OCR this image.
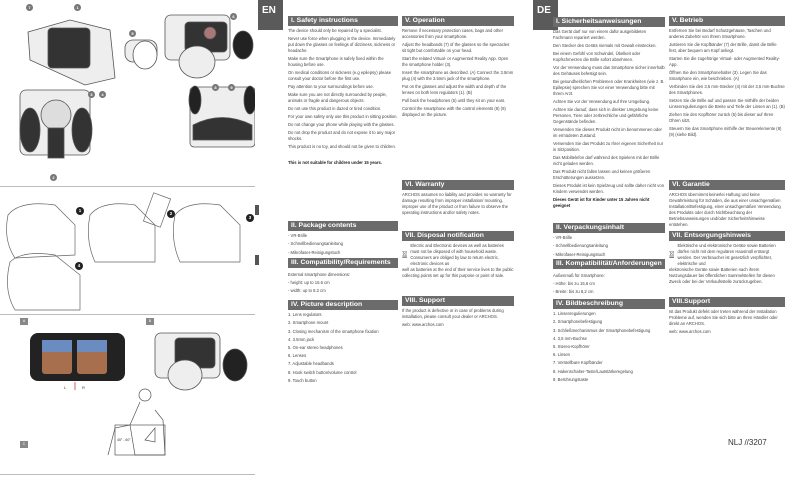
7	1
5
6
3	4
8	9
2
1
2
3
4
A	B
C
L	R
45° - 60°
EN
I. Safety instructions
The device should only be repaired by a specialist.
Never use force when plugging in the device. Immediately put down the glasses on feelings of dizziness, sickness or headache.
Make sure the Smartphone is safely fixed within the housing before use.
On medical conditions or sickness (e.g epilepsy) please consult your doctor before the first use.
Pay attention to your surroundings before use.
Make sure you are not directly surrounded by people, animals or fragile and dangerous objects.
Do not use this product in dazed or tired condition.
For your own safety only use this product in sitting position.
Do not change your phone while playing with the glasses.
Do not drop the product and do not expose it to any major shocks.
This product is no toy, and should not be given to children.
This is not suitable for children under 15 years.
II. Package contents
- VR-Brille
- Schnellbedienungsanleitung
- Mikrofaser-Reinigungstuch
III. Compatibility/Requirements
External smartphone dimensions:
- height: up to 15.6 cm
- width: up to 8.2 cm
IV. Picture description
1. Lens regulators
2. Smartphone mount
3. Closing mechanism of the smartphone fixation
4. 3.5mm jack
5. On-ear stereo headphones
6. Lenses
7. Adjustable headbands
8. Hook switch button/volume control
9. Touch button
V. Operation
Remove if necessary protection cases, bags and other accessories from your smartphone.
Adjust the headbands (7) of the glasses so the spectacles sit tight but comfortable on your head.
Start the related Virtual- or Augmented Reality App. Open the smartphone holder (3).
Insert the smartphone as described. (A) Connect the 3.5mm plug (4) with the 3.5mm jack of the smartphone.
Put on the glasses and adjust the width and depth of the lenses on both lens regulators (1). (B)
Pull back the headphones (5) until they sit on your ears.
Control the smartphone with the control elements (8) (9) displayed on the picture.
VI. Warranty
ARCHOS assumes no liability and provides no warranty for damage resulting from improper installation/ mounting, improper use of the product or from failure to observe the operating instructions and/or safety notes.
VII. Disposal notification
Electric and Electronic devices as well as batteries must not be disposed of with household waste. Consumers are obliged by law to return electric, electronic devices as
well as batteries at the end of their service lives to the public collecting points set up for this purpose or point of sale.
VIII. Support
If the product is defective or in case of problems during installation, please consult your dealer or ARCHOS.
web: www.archos.com
DE
I. Sicherheitsanweisungen
Das Gerät darf nur von einem dafür ausgebildeten Fachmann repariert werden.
Den Stecker des Geräts niemals mit Gewalt einstecken.
Bei einem Gefühl von Schwindel, Übelkeit oder Kopfschmerzen die Brille sofort abnehmen.
Vor der Verwendung muss das Smartphone sicher innerhalb des Gehäuses befestigt sein.
Bei gesundheitlichen Problemen oder Krankheiten (wie z. B. Epilepsie) sprechen Sie vor einer Verwendung bitte mit Ihrem Arzt.
Achten Sie vor der Verwendung auf Ihre Umgebung.
Achten Sie darauf, dass sich in direkter Umgebung keine Personen, Tiere oder zerbrechliche und gefährliche Gegenstände befinden.
Verwenden Sie dieses Produkt nicht im benommenen oder im ermüdeten Zustand.
Verwenden Sie das Produkt zu Ihrer eigenen Sicherheit nur in Sitzposition.
Das Mobiltelefon darf während des Spielens mit der Brille nicht geladen werden.
Das Produkt nicht fallen lassen und keinen größeren Erschütterungen aussetzen.
Dieses Produkt ist kein Spielzeug und sollte daher nicht von Kindern verwendet werden.
Dieses Gerät ist für Kinder unter 15 Jahren nicht geeignet
II. Verpackungsinhalt
- VR-Brille
- Schnellbedienungsanleitung
- Mikrofaser-Reinigungstuch
III. Kompatibilität/Anforderungen
Außenmaß für Smartphone:
- Höhe: bis zu 15,6 cm
- Breite: bis zu 8,2 cm
IV. Bildbeschreibung
1. Linsenregulierungen
2. Smartphonebefestigung
3. Schließmechanismus der Smartphonebefestigung
4. 3,5 mm-Buchse
5. Stereo-Kopfhörer
6. Linsen
7. Verstellbare Kopfbänder
8. Hakenschalter-Taste/Lautstärkeregelung
9. Berührungstaste
V. Betrieb
Entfernen Sie bei Bedarf Schutzgehäuse, Taschen und anderes Zubehör von Ihrem Smartphone.
Justieren Sie die Kopfbänder (7) der Brille, damit die Brille fest, aber bequem am Kopf anliegt.
Starten Sie die zugehörige Virtual- oder Augmented Reality-App.
Öffnen Sie den Smartphonehalter (3). Legen Sie das Smartphone ein, wie beschrieben. (A)
Verbinden Sie den 3,5 mm-Stecker (4) mit der 3,5 mm-Buchse des Smartphones.
Setzen Sie die Brille auf und passen Sie mithilfe der beiden Linsenregulierungen die Breite und Tiefe der Linsen an (1). (B)
Ziehen Sie den Kopfhörer zurück (5) bis dieser auf Ihren Ohren sitzt.
Steuern Sie das Smartphone mithilfe der Steuerelemente (8) (9) (siehe Bild).
VI. Garantie
ARCHOS übernimmt keinerlei Haftung und keine Gewährleistung für Schäden, die aus einer unsachgemäßen Installation/Befestigung, einer unsachgemäßen Verwendung des Produkts oder durch Nichtbeachtung der Betriebsanweisungen und/oder Sicherheitshinweise entstehen.
VII. Entsorgungshinweis
Elektrische und elektronische Geräte sowie Batterien dürfen nicht mit dem regulären Hausmüll entsorgt werden. Der Verbraucher ist gesetzlich verpflichtet, elektrische und
elektronische Geräte sowie Batterien nach ihrem Nutzungsdauer bei öffentlichen Sammelstellen für diesen Zweck oder bei der Verkaufsstelle zurückzugeben.
VIII.Support
Ist das Produkt defekt oder treten während der Installation Probleme auf, wenden Sie sich bitte an Ihren Händler oder direkt an ARCHOS.
web: www.archos.com
NLJ //3207
